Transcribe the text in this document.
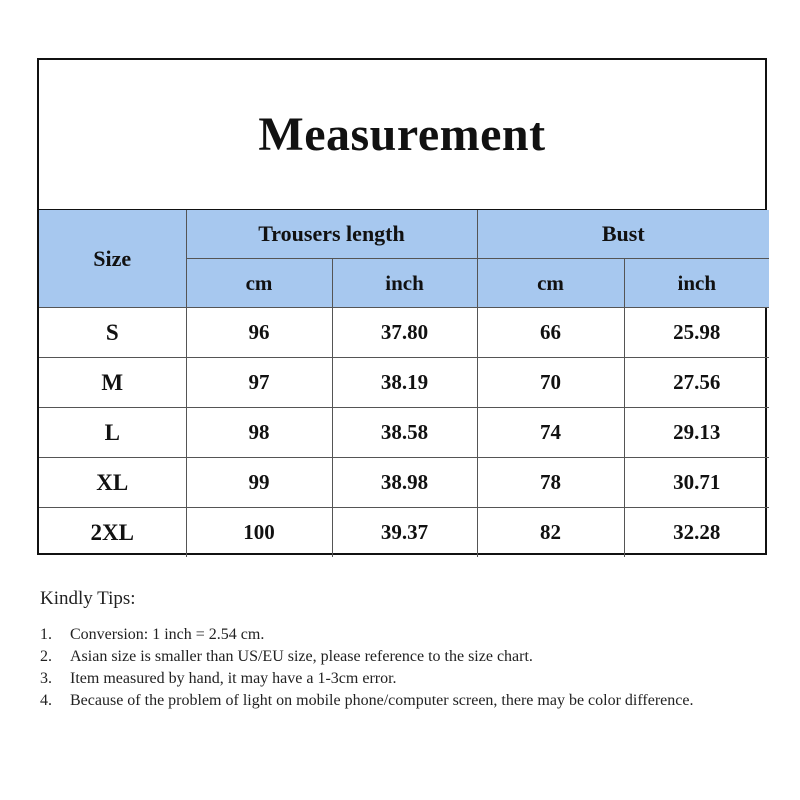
Measurement
Size	Trousers length		Bust	
	cm	inch	cm	inch
S	96	37.80	66	25.98
M	97	38.19	70	27.56
L	98	38.58	74	29.13
XL	99	38.98	78	30.71
2XL	100	39.37	82	32.28
Kindly Tips:
1.	Conversion: 1 inch = 2.54 cm.
2.	Asian size is smaller than US/EU size, please reference to the size chart.
3.	Item measured by hand, it may have a 1-3cm error.
4.	Because of the problem of light on mobile phone/computer screen, there may be color difference.
